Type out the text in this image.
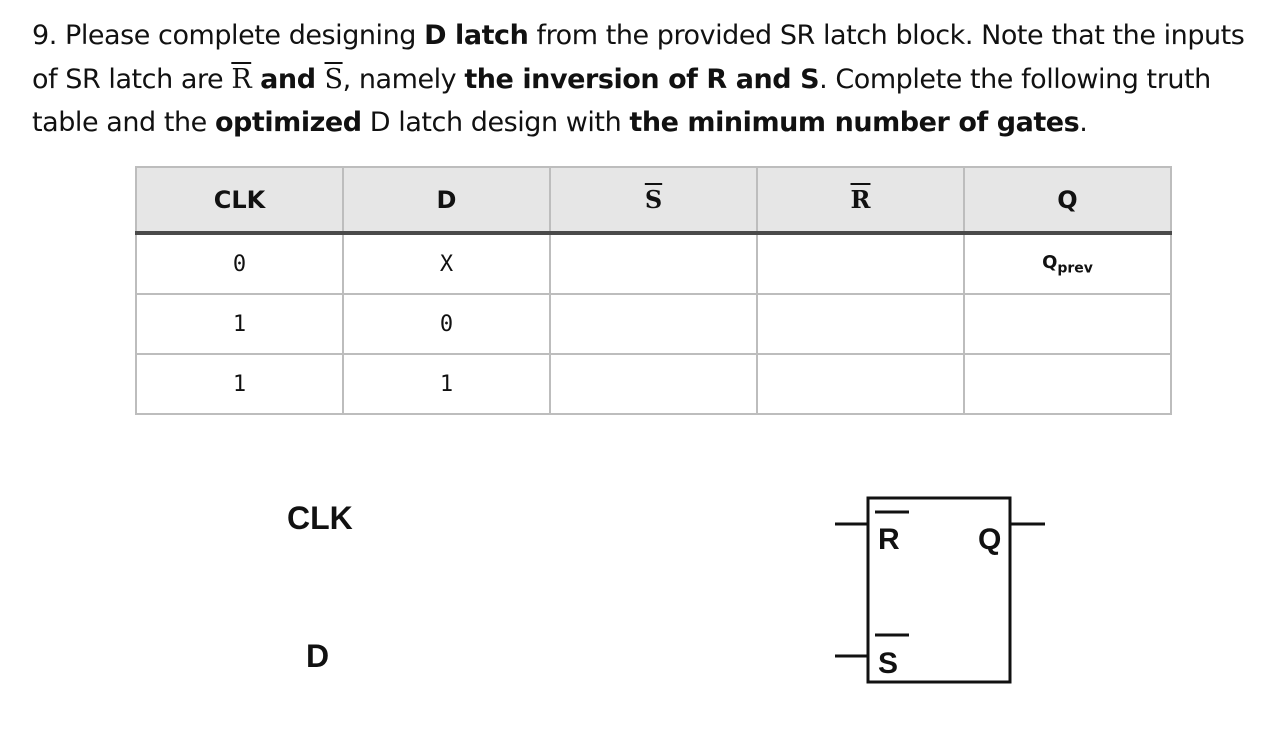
9. Please complete designing D latch from the provided SR latch block. Note that the inputs of SR latch are $\overline{R}$ and $\overline{S}$, namely the inversion of R and S. Complete the following truth table and the optimized D latch design with the minimum number of gates.
CLK	D	$\overline{S}$	$\overline{R}$	Q
0	X			$Q_{prev}$
1	0			
1	1			
CLK
D
R
S
Q
